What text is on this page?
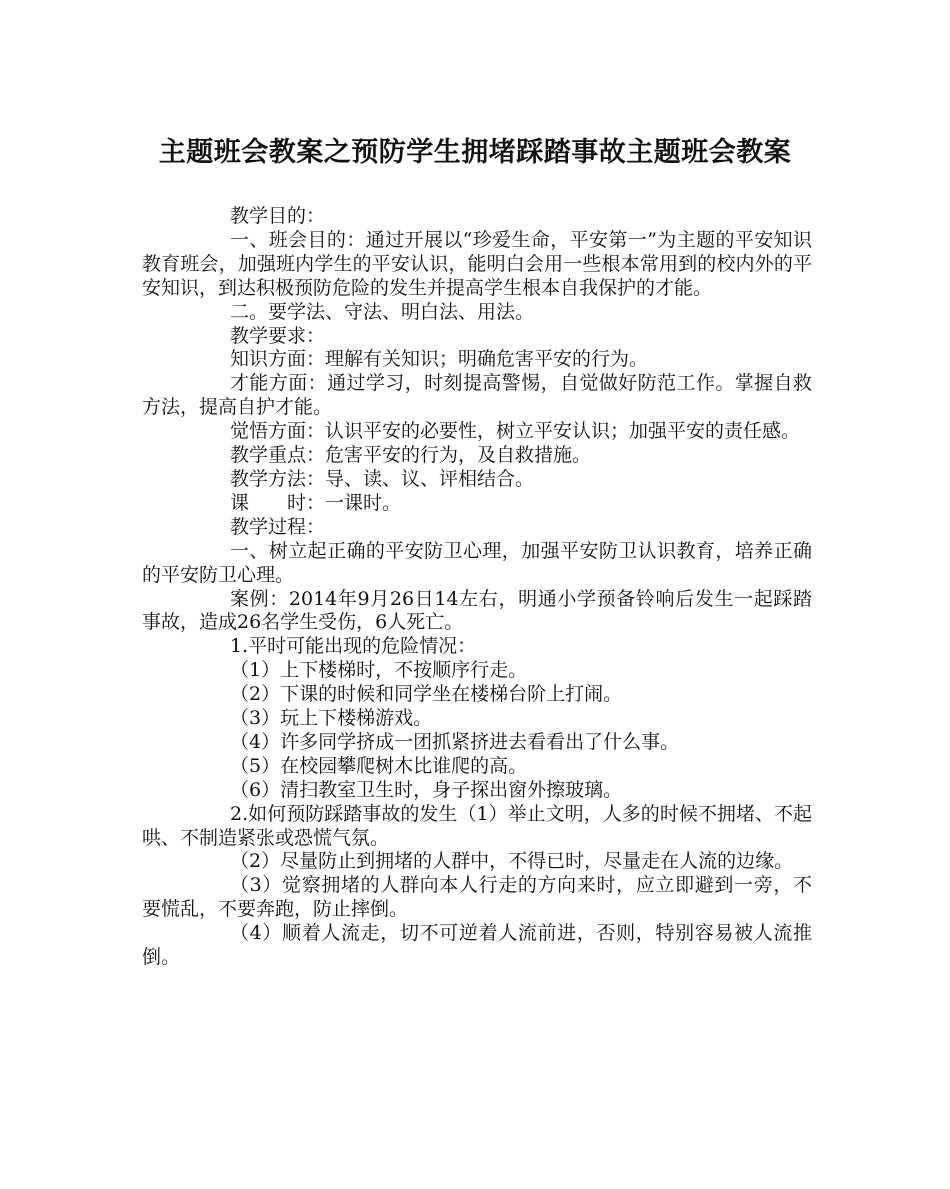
主题班会教案之预防学生拥堵踩踏事故主题班会教案

教学目的：

一、班会目的：通过开展以“珍爱生命，平安第一”为主题的平安知识教育班会，加强班内学生的平安认识，能明白会用一些根本常用到的校内外的平安知识，到达积极预防危险的发生并提高学生根本自我保护的才能。

二。要学法、守法、明白法、用法。

教学要求：

知识方面：理解有关知识；明确危害平安的行为。

才能方面：通过学习，时刻提高警惕，自觉做好防范工作。掌握自救方法，提高自护才能。

觉悟方面：认识平安的必要性，树立平安认识；加强平安的责任感。

教学重点：危害平安的行为，及自救措施。

教学方法：导、读、议、评相结合。

课　　时：一课时。

教学过程：

一、树立起正确的平安防卫心理，加强平安防卫认识教育，培养正确的平安防卫心理。

案例：2014年9月26日14左右，明通小学预备铃响后发生一起踩踏事故，造成26名学生受伤，6人死亡。

1.平时可能出现的危险情况：

（1）上下楼梯时，不按顺序行走。

（2）下课的时候和同学坐在楼梯台阶上打闹。

（3）玩上下楼梯游戏。

（4）许多同学挤成一团抓紧挤进去看看出了什么事。

（5）在校园攀爬树木比谁爬的高。

（6）清扫教室卫生时，身子探出窗外擦玻璃。

2.如何预防踩踏事故的发生（1）举止文明，人多的时候不拥堵、不起哄、不制造紧张或恐慌气氛。

（2）尽量防止到拥堵的人群中，不得已时，尽量走在人流的边缘。

（3）觉察拥堵的人群向本人行走的方向来时，应立即避到一旁，不要慌乱，不要奔跑，防止摔倒。

（4）顺着人流走，切不可逆着人流前进，否则，特别容易被人流推倒。
